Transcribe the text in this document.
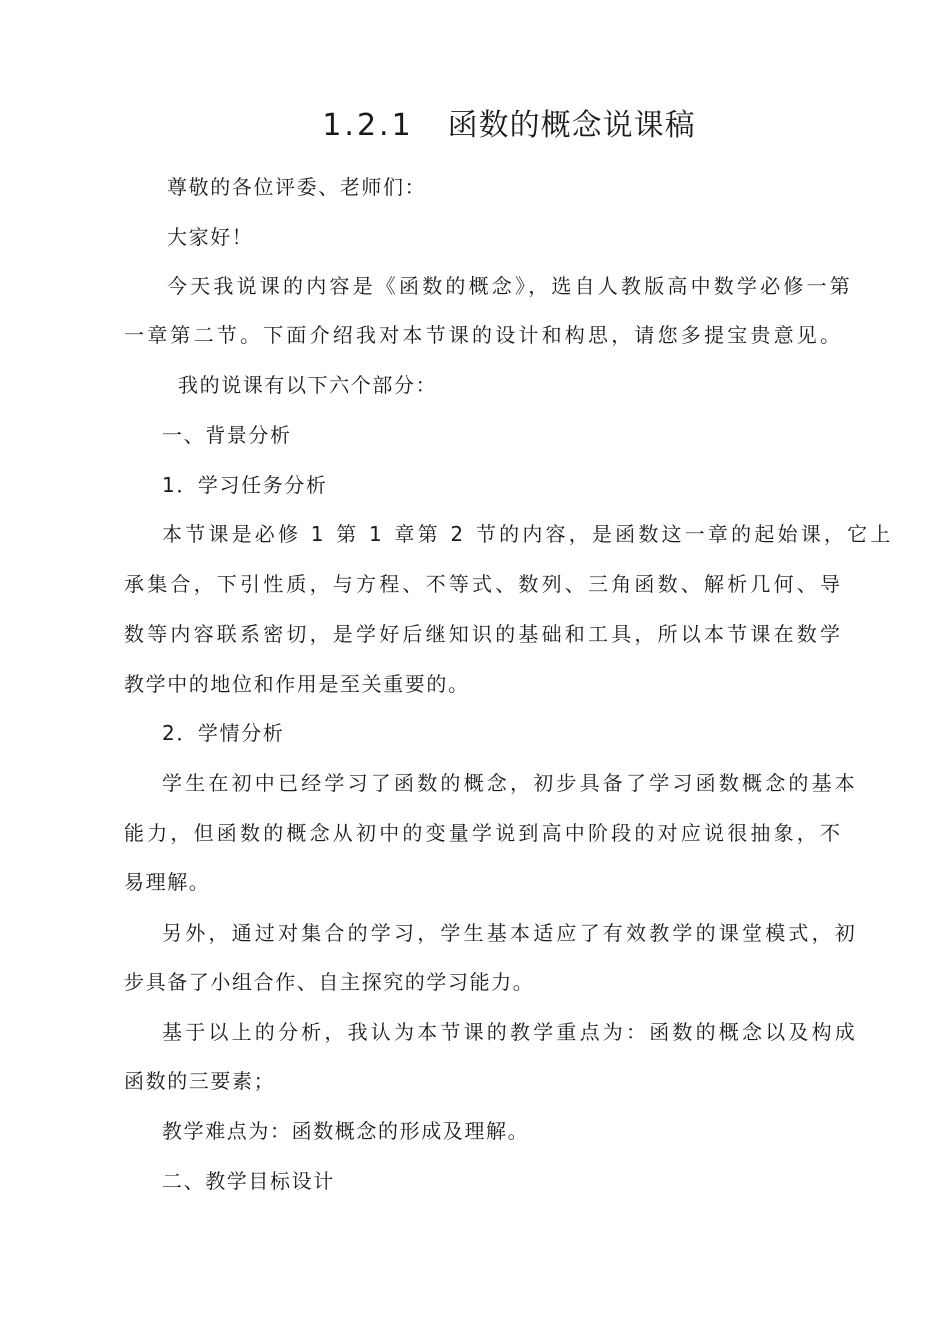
1.2.1 函数的概念说课稿
尊敬的各位评委、老师们：
大家好！
今天我说课的内容是《函数的概念》，选自人教版高中数学必修一第
一章第二节。下面介绍我对本节课的设计和构思，请您多提宝贵意见。
我的说课有以下六个部分：
一、背景分析
1．学习任务分析
本节课是必修 1 第 1 章第 2 节的内容，是函数这一章的起始课，它上
承集合，下引性质，与方程、不等式、数列、三角函数、解析几何、导
数等内容联系密切，是学好后继知识的基础和工具，所以本节课在数学
教学中的地位和作用是至关重要的。
2．学情分析
学生在初中已经学习了函数的概念，初步具备了学习函数概念的基本
能力，但函数的概念从初中的变量学说到高中阶段的对应说很抽象，不
易理解。
另外，通过对集合的学习，学生基本适应了有效教学的课堂模式，初
步具备了小组合作、自主探究的学习能力。
基于以上的分析，我认为本节课的教学重点为：函数的概念以及构成
函数的三要素；
教学难点为：函数概念的形成及理解。
二、教学目标设计
